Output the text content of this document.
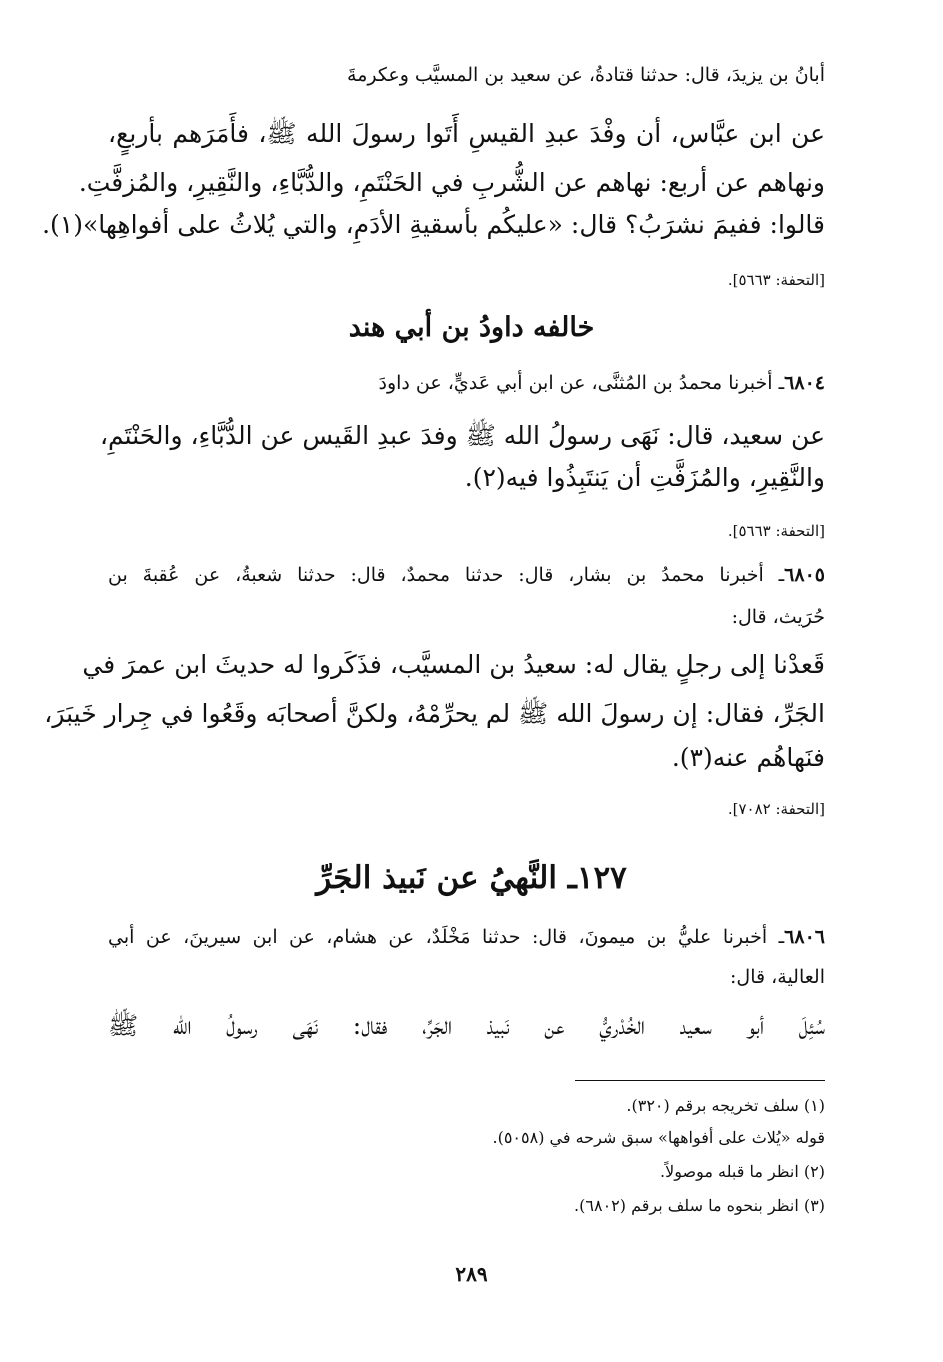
أبانُ بن يزيدَ، قال: حدثنا قتادةُ، عن سعيد بن المسيَّب وعكرمةَ
عن ابن عبَّاس، أن وفْدَ عبدِ القيسِ أَتَوا رسولَ الله ﷺ، فأَمَرَهم بأربعٍ،
ونهاهم عن أربع: نهاهم عن الشُّربِ في الحَنْتَمِ، والدُّبَّاءِ، والنَّقِيرِ، والمُزفَّتِ.
قالوا: ففيمَ نشرَبُ؟ قال: «عليكُم بأسقيةِ الأدَمِ، والتي يُلاثُ على أفواهِها»(١).
[التحفة: ٥٦٦٣].
خالفه داودُ بن أبي هند
٦٨٠٤ـ أخبرنا محمدُ بن المُثنَّى، عن ابن أبي عَديٍّ، عن داودَ
عن سعيد، قال: نَهَى رسولُ الله ﷺ وفدَ عبدِ القَيس عن الدُّبَّاءِ، والحَنْتَمِ،
والنَّقِيرِ، والمُزَفَّتِ أن يَنتَبِذُوا فيه(٢).
[التحفة: ٥٦٦٣].
٦٨٠٥ـ أخبرنا محمدُ بن بشار، قال: حدثنا محمدٌ، قال: حدثنا شعبةُ، عن عُقبةَ بن
حُرَيث، قال:
قَعدْنا إلى رجلٍ يقال له: سعيدُ بن المسيَّب، فذَكَروا له حديثَ ابن عمرَ في
الجَرِّ، فقال: إن رسولَ الله ﷺ لم يحرِّمْهُ، ولكنَّ أصحابَه وقَعُوا في جِرار خَيبَرَ،
فنَهاهُم عنه(٣).
[التحفة: ٧٠٨٢].
١٢٧ـ النَّهيُ عن نَبيذ الجَرِّ
٦٨٠٦ـ أخبرنا عليُّ بن ميمونَ، قال: حدثنا مَخْلَدٌ، عن هشام، عن ابن سيرينَ، عن أبي
العالية، قال:
سُئِلَ أبو سعيد الخُدْريُّ عن نَبيذ الجَرِّ، فقال: نَهَى رسولُ الله ﷺ
(١) سلف تخريجه برقم (٣٢٠).
قوله «يُلاث على أفواهها» سبق شرحه في (٥٠٥٨).
(٢) انظر ما قبله موصولاً.
(٣) انظر بنحوه ما سلف برقم (٦٨٠٢).
٢٨٩
